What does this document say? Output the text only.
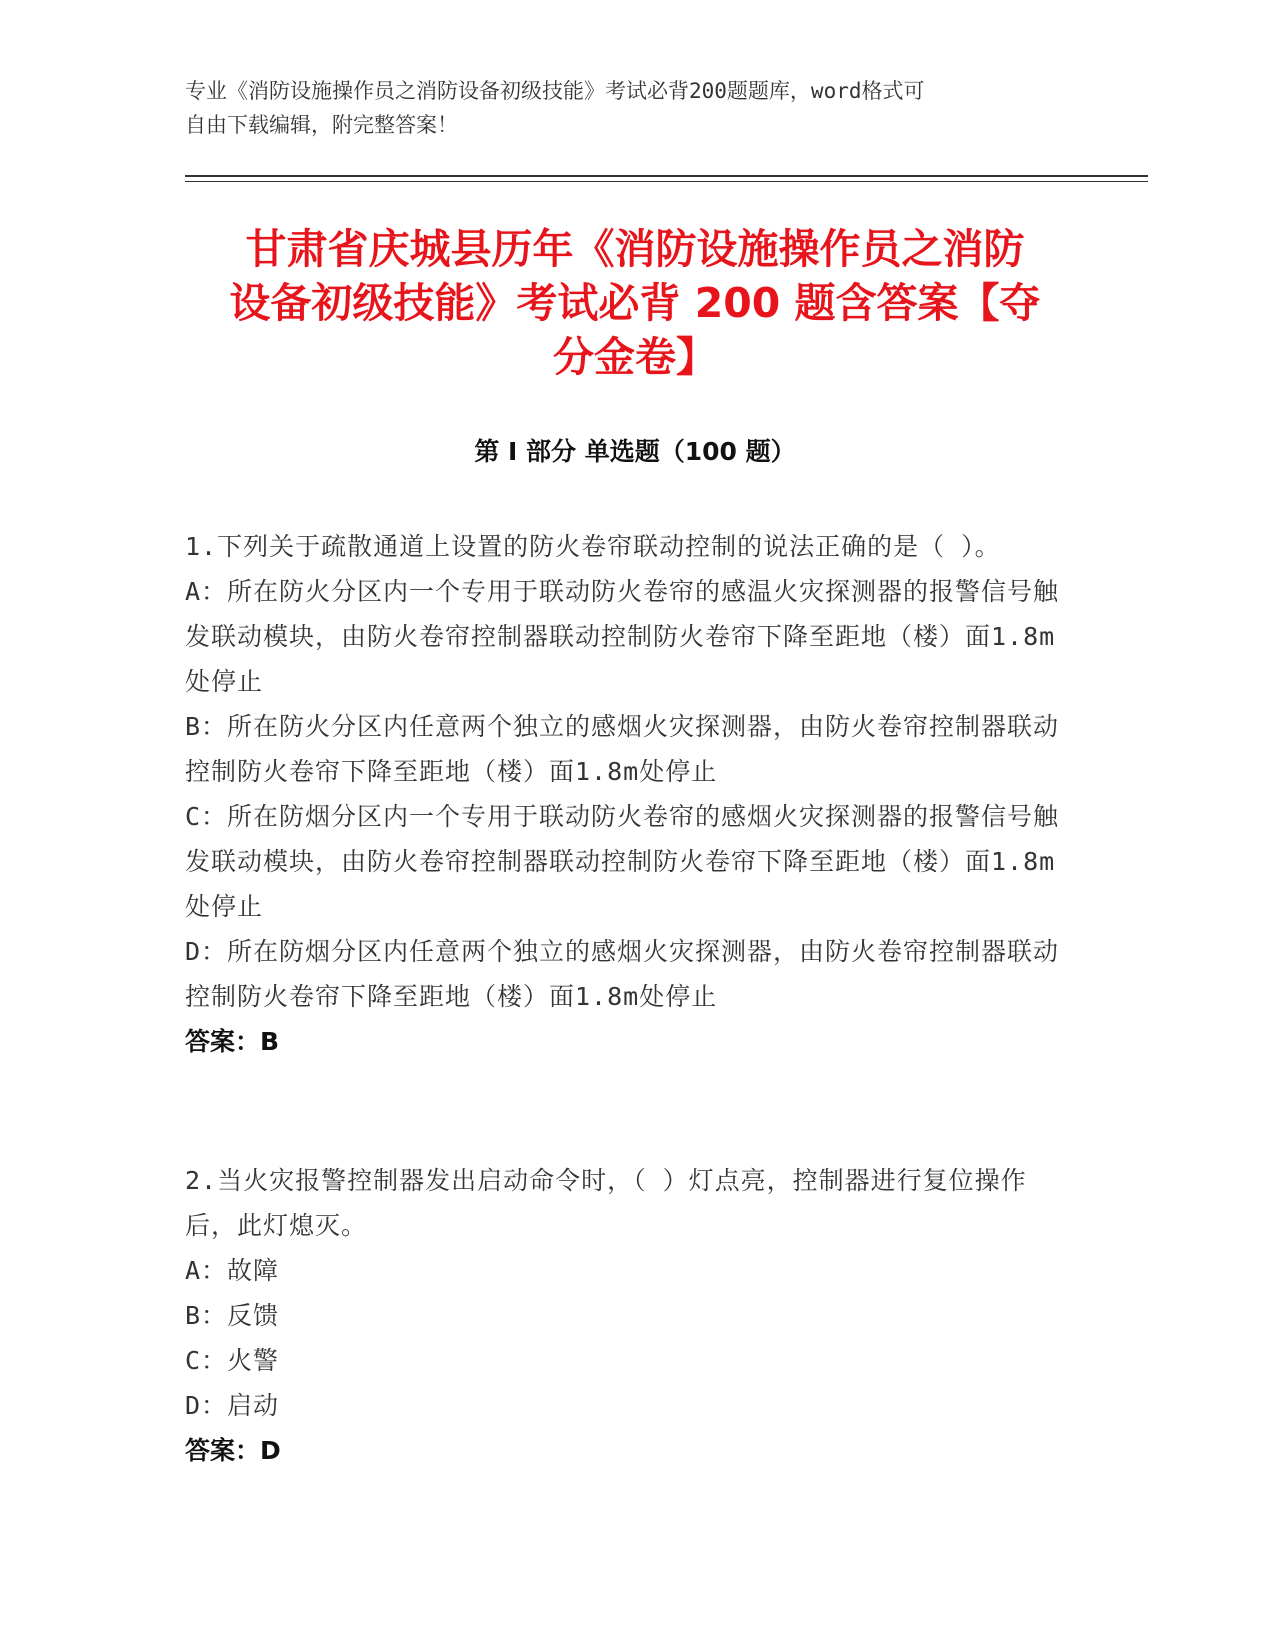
专业《消防设施操作员之消防设备初级技能》考试必背200题题库，word格式可
自由下载编辑，附完整答案！
甘肃省庆城县历年《消防设施操作员之消防
设备初级技能》考试必背 200 题含答案【夺
分金卷】
第 I 部分 单选题（100 题）
1.下列关于疏散通道上设置的防火卷帘联动控制的说法正确的是（ ）。
A：所在防火分区内一个专用于联动防火卷帘的感温火灾探测器的报警信号触发联动模块，由防火卷帘控制器联动控制防火卷帘下降至距地（楼）面1.8m处停止
B：所在防火分区内任意两个独立的感烟火灾探测器，由防火卷帘控制器联动控制防火卷帘下降至距地（楼）面1.8m处停止
C：所在防烟分区内一个专用于联动防火卷帘的感烟火灾探测器的报警信号触发联动模块，由防火卷帘控制器联动控制防火卷帘下降至距地（楼）面1.8m处停止
D：所在防烟分区内任意两个独立的感烟火灾探测器，由防火卷帘控制器联动控制防火卷帘下降至距地（楼）面1.8m处停止
答案：B
2.当火灾报警控制器发出启动命令时，（ ）灯点亮，控制器进行复位操作后，此灯熄灭。
A：故障
B：反馈
C：火警
D：启动
答案：D
